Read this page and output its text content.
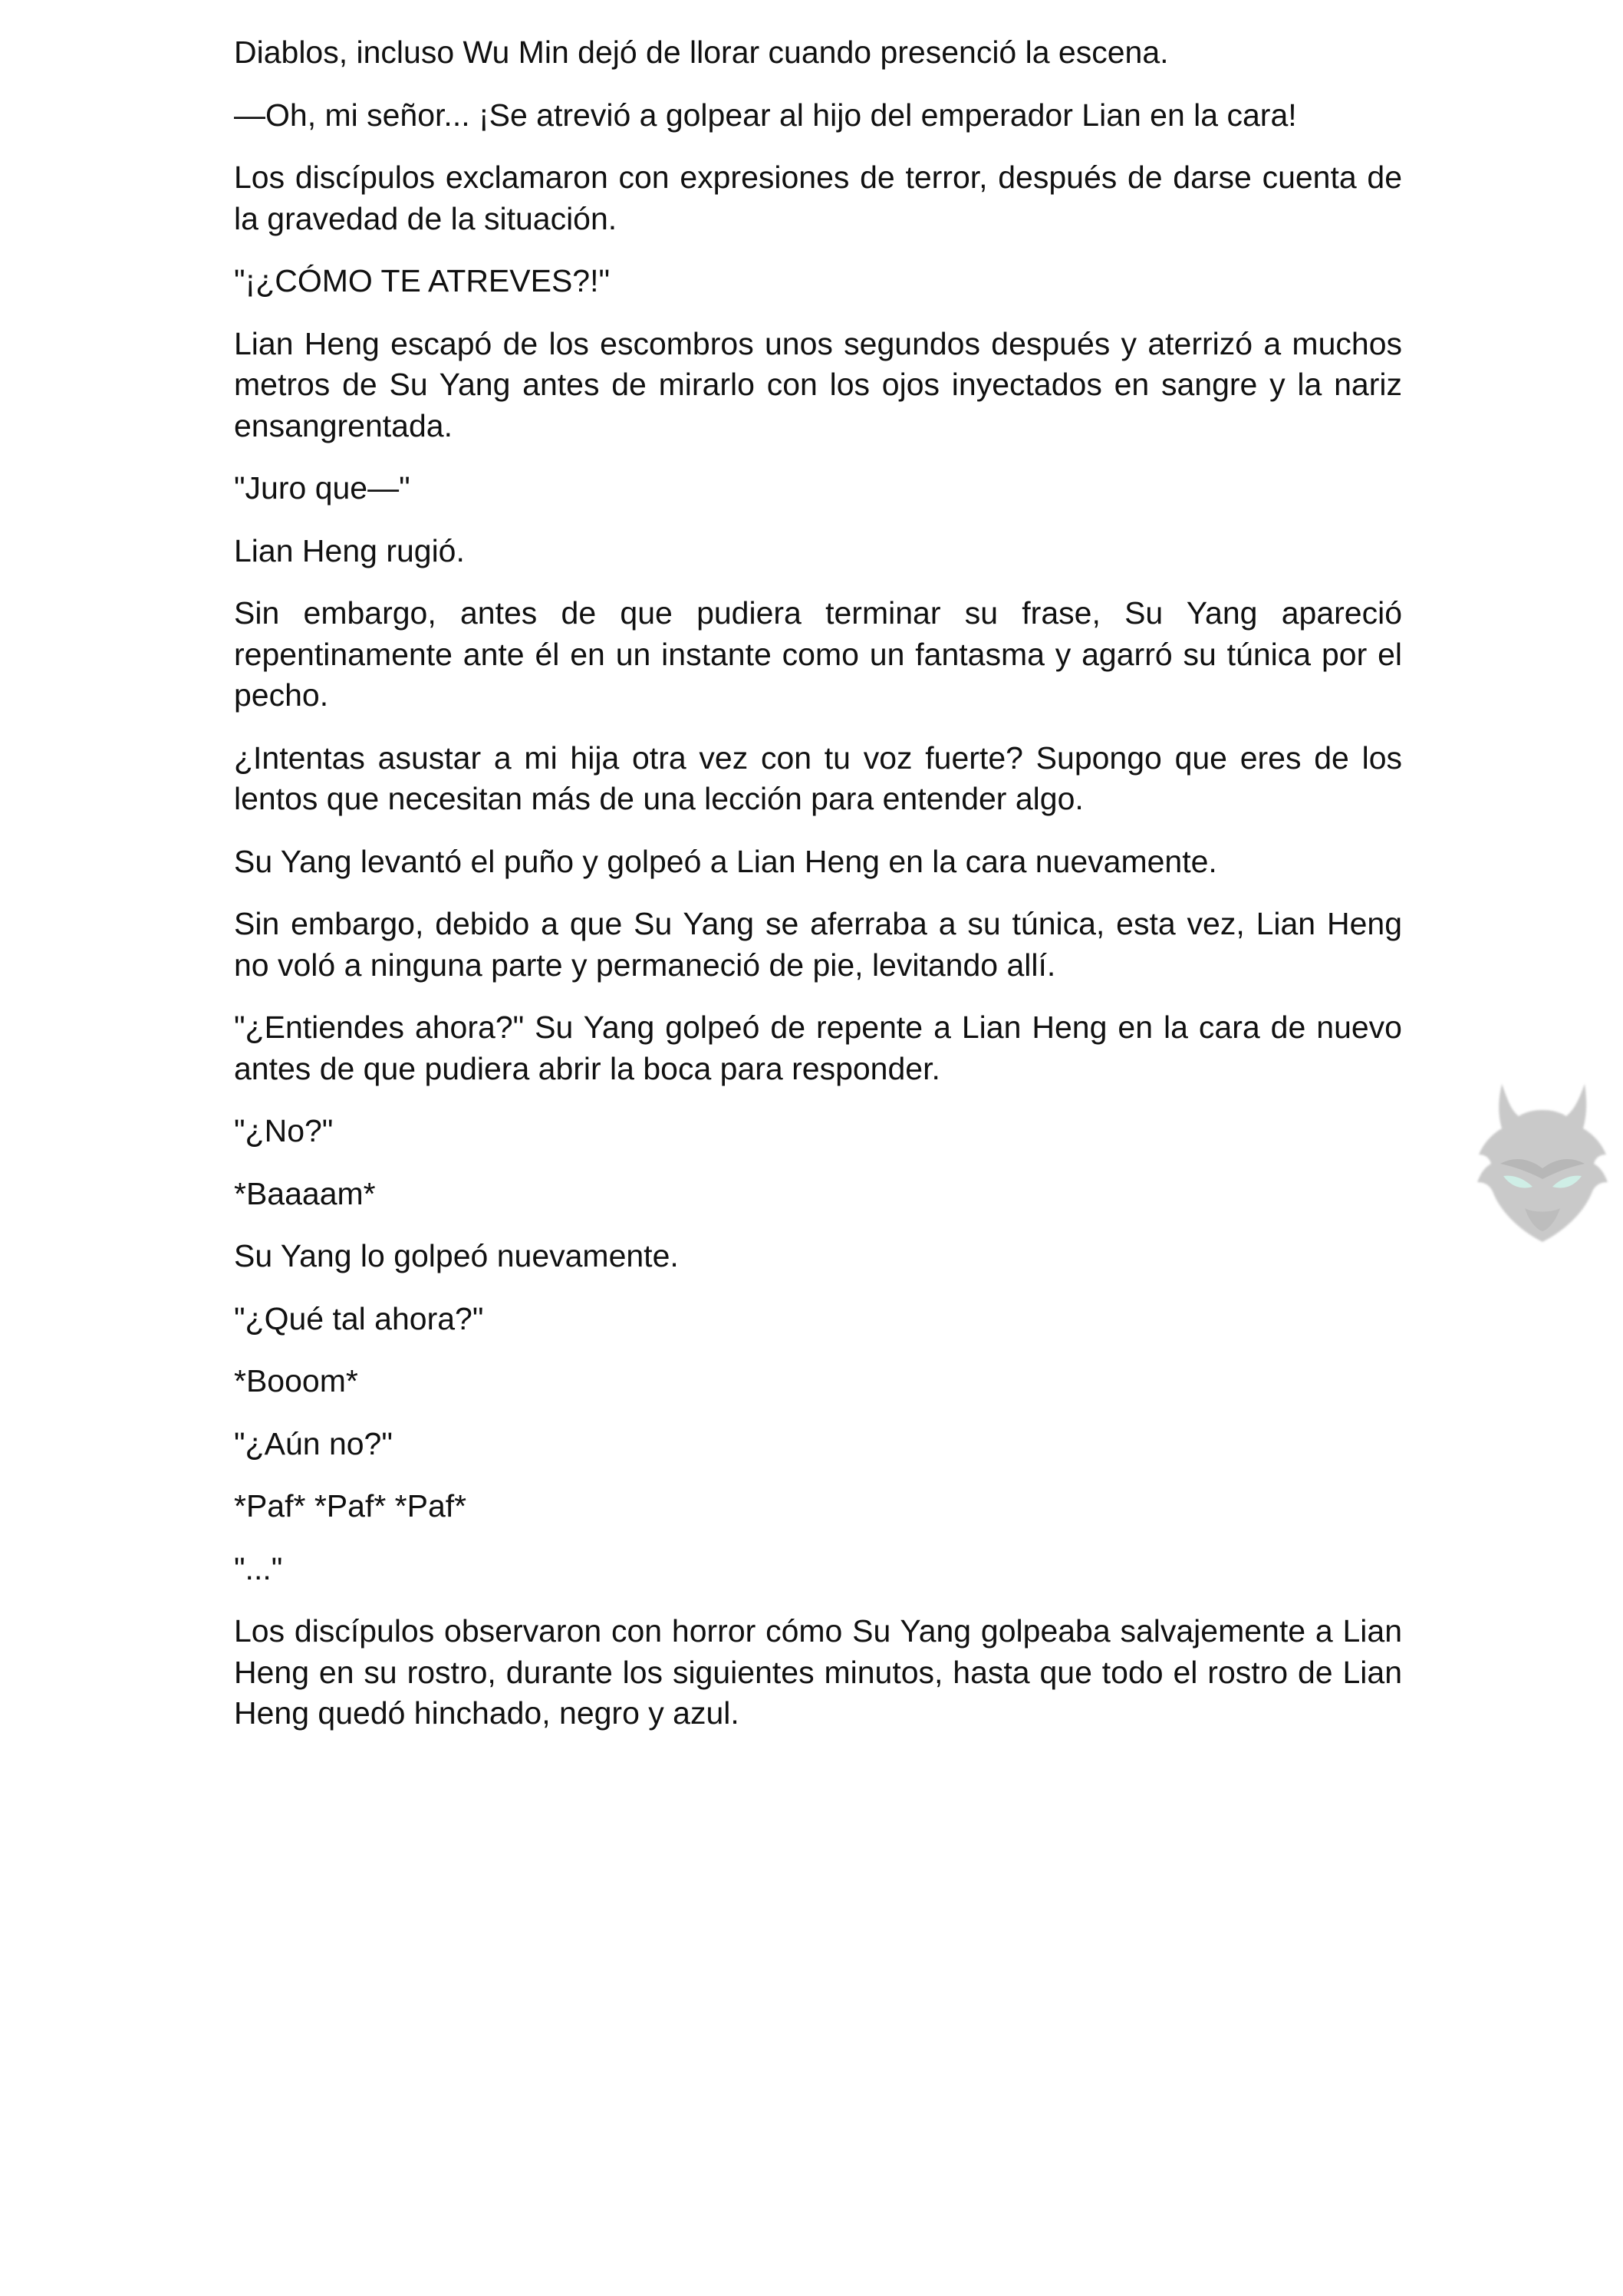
Diablos, incluso Wu Min dejó de llorar cuando presenció la escena.

—Oh, mi señor... ¡Se atrevió a golpear al hijo del emperador Lian en la cara!

Los discípulos exclamaron con expresiones de terror, después de darse cuenta de la gravedad de la situación.

"¡¿CÓMO TE ATREVES?!"

Lian Heng escapó de los escombros unos segundos después y aterrizó a muchos metros de Su Yang antes de mirarlo con los ojos inyectados en sangre y la nariz ensangrentada.

"Juro que—"

Lian Heng rugió.

Sin embargo, antes de que pudiera terminar su frase, Su Yang apareció repentinamente ante él en un instante como un fantasma y agarró su túnica por el pecho.

¿Intentas asustar a mi hija otra vez con tu voz fuerte? Supongo que eres de los lentos que necesitan más de una lección para entender algo.

Su Yang levantó el puño y golpeó a Lian Heng en la cara nuevamente.

Sin embargo, debido a que Su Yang se aferraba a su túnica, esta vez, Lian Heng no voló a ninguna parte y permaneció de pie, levitando allí.

"¿Entiendes ahora?" Su Yang golpeó de repente a Lian Heng en la cara de nuevo antes de que pudiera abrir la boca para responder.

"¿No?"

*Baaaam*

Su Yang lo golpeó nuevamente.

"¿Qué tal ahora?"

*Booom*

"¿Aún no?"

*Paf* *Paf* *Paf*

"..."

Los discípulos observaron con horror cómo Su Yang golpeaba salvajemente a Lian Heng en su rostro, durante los siguientes minutos, hasta que todo el rostro de Lian Heng quedó hinchado, negro y azul.
